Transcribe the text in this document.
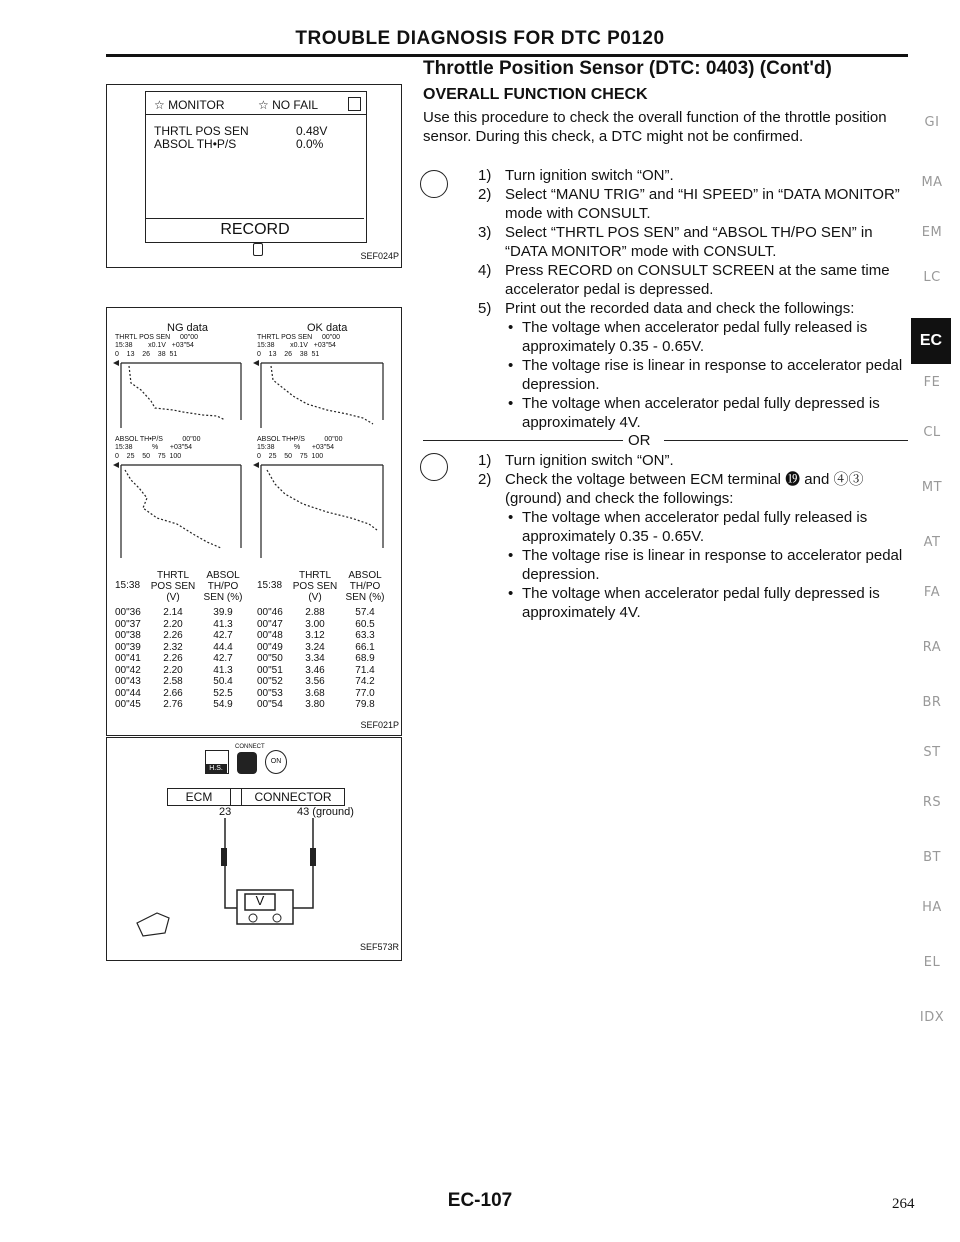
TROUBLE DIAGNOSIS FOR DTC P0120
Throttle Position Sensor (DTC: 0403) (Cont'd)
OVERALL FUNCTION CHECK
☆ MONITOR	☆ NO FAIL
THRTL POS SEN	0.48V
ABSOL TH•P/S	0.0%
RECORD
SEF024P
NG data	OK data
THRTL POS SEN     00"00
15:38        x0.1V   +03"54
0    13    26    38  51
THRTL POS SEN     00"00
15:38        x0.1V   +03"54
0    13    26    38  51
ABSOL TH•P/S          00"00
15:38          %      +03"54
0    25    50    75  100
ABSOL TH•P/S          00"00
15:38          %      +03"54
0    25    50    75  100
15:38
THRTL POS SEN (V)
ABSOL TH/PO SEN (%)
00"36	2.14	39.9
00"37	2.20	41.3
00"38	2.26	42.7
00"39	2.32	44.4
00"41	2.26	42.7
00"42	2.20	41.3
00"43	2.58	50.4
00"44	2.66	52.5
00"45	2.76	54.9
15:38
THRTL POS SEN (V)
ABSOL TH/PO SEN (%)
00"46	2.88	57.4
00"47	3.00	60.5
00"48	3.12	63.3
00"49	3.24	66.1
00"50	3.34	68.9
00"51	3.46	71.4
00"52	3.56	74.2
00"53	3.68	77.0
00"54	3.80	79.8
SEF021P
H.S.
CONNECT
ON
ECM	CONNECTOR
23	43 (ground)
V
SEF573R
Use this procedure to check the overall function of the throttle position sensor. During this check, a DTC might not be confirmed.
1) Turn ignition switch “ON”.
2) Select “MANU TRIG” and “HI SPEED” in “DATA MONITOR” mode with CONSULT.
3) Select “THRTL POS SEN” and “ABSOL TH/PO SEN” in “DATA MONITOR” mode with CONSULT.
4) Press RECORD on CONSULT SCREEN at the same time accelerator pedal is depressed.
5) Print out the recorded data and check the followings:
• The voltage when accelerator pedal fully released is approximately 0.35 - 0.65V.
• The voltage rise is linear in response to accelerator pedal depression.
• The voltage when accelerator pedal fully depressed is approximately 4V.
OR
1) Turn ignition switch “ON”.
2) Check the voltage between ECM terminal ⓳ and ④③ (ground) and check the followings:
• The voltage when accelerator pedal fully released is approximately 0.35 - 0.65V.
• The voltage rise is linear in response to accelerator pedal depression.
• The voltage when accelerator pedal fully depressed is approximately 4V.
GI
MA
EM
LC
EC
FE
CL
MT
AT
FA
RA
BR
ST
RS
BT
HA
EL
IDX
EC-107	264
